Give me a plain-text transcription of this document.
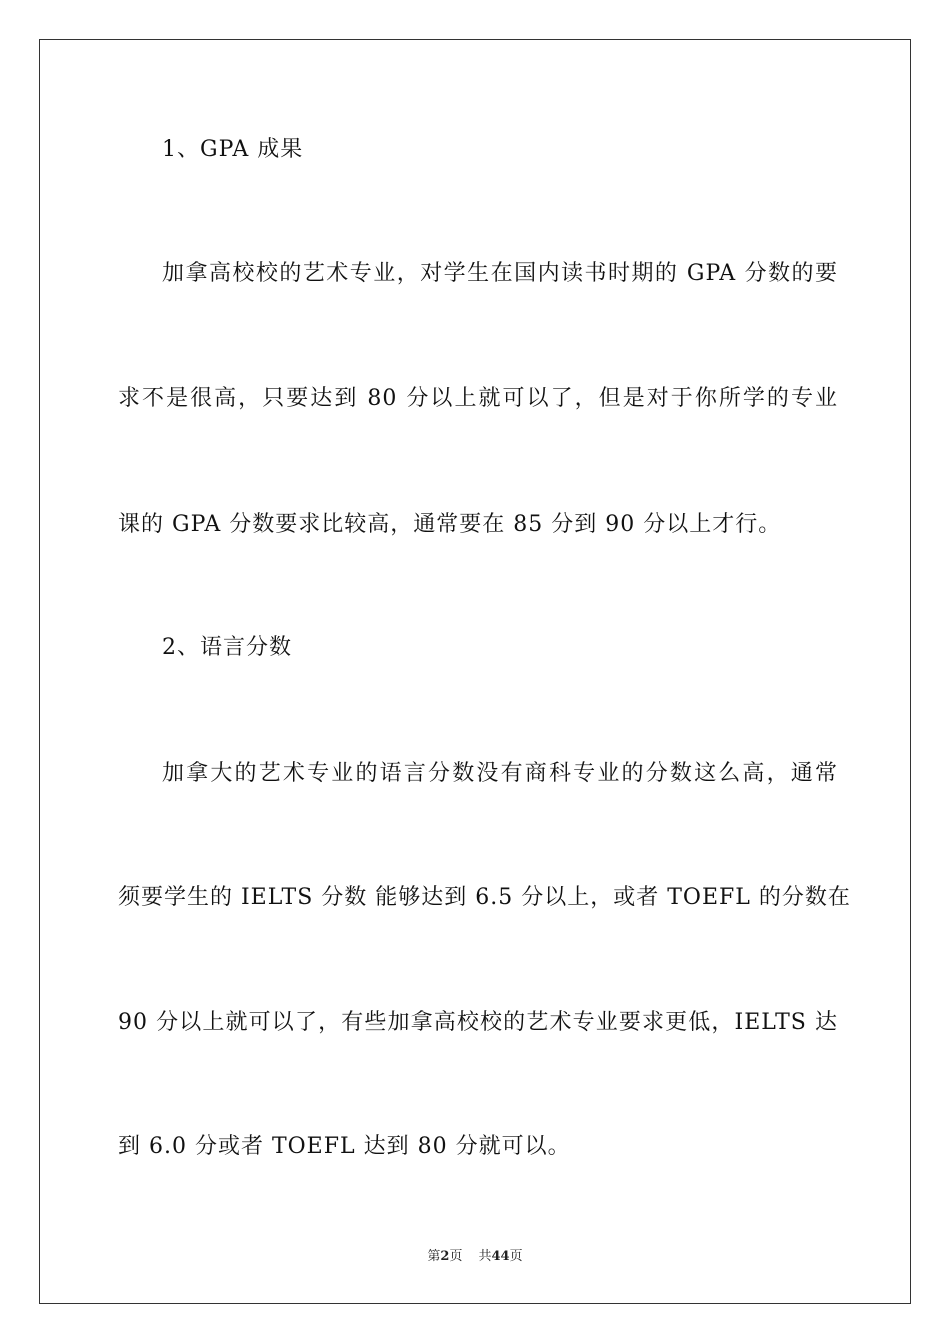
1、GPA 成果
加拿高校校的艺术专业，对学生在国内读书时期的 GPA 分数的要
求不是很高，只要达到 80 分以上就可以了，但是对于你所学的专业
课的 GPA 分数要求比较高，通常要在 85 分到 90 分以上才行。
2、语言分数
加拿大的艺术专业的语言分数没有商科专业的分数这么高，通常
须要学生的 IELTS 分数 能够达到 6.5 分以上，或者 TOEFL 的分数在
90 分以上就可以了，有些加拿高校校的艺术专业要求更低，IELTS 达
到 6.0 分或者 TOEFL 达到 80 分就可以。
第2页 共44页
